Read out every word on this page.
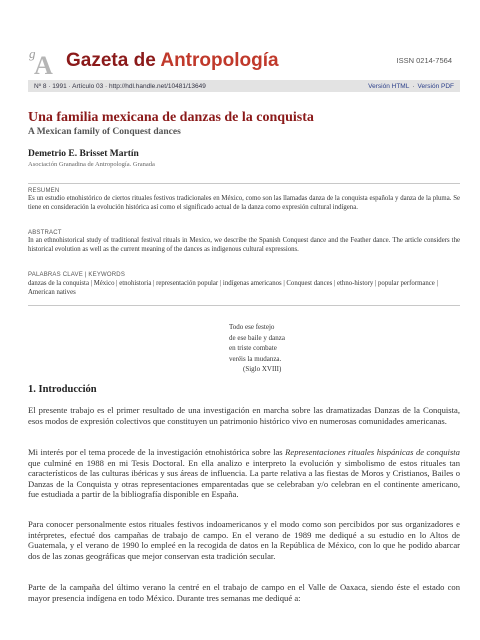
g
A Gazeta de Antropología	ISSN 0214-7564
Nº 8 · 1991 · Artículo 03 · http://hdl.handle.net/10481/13649	Versión HTML · Versión PDF
Una familia mexicana de danzas de la conquista
A Mexican family of Conquest dances
Demetrio E. Brisset Martín
Asociación Granadina de Antropología. Granada
RESUMEN
Es un estudio etnohistórico de ciertos rituales festivos tradicionales en México, como son las llamadas danza de la conquista española y danza de la pluma. Se tiene en consideración la evolución histórica así como el significado actual de la danza como expresión cultural indígena.
ABSTRACT
In an ethnohistorical study of traditional festival rituals in Mexico, we describe the Spanish Conquest dance and the Feather dance. The article considers the historical evolution as well as the current meaning of the dances as indigenous cultural expressions.
PALABRAS CLAVE | KEYWORDS
danzas de la conquista | México | etnohistoria | representación popular | indígenas americanos | Conquest dances | ethno-history | popular performance | American natives
Todo ese festejo
de ese baile y danza
en triste combate
veréis la mudanza.
(Siglo XVIII)
1. Introducción

El presente trabajo es el primer resultado de una investigación en marcha sobre las dramatizadas Danzas de la Conquista, esos modos de expresión colectivos que constituyen un patrimonio histórico vivo en numerosas comunidades americanas.

Mi interés por el tema procede de la investigación etnohistórica sobre las Representaciones rituales hispánicas de conquista que culminé en 1988 en mi Tesis Doctoral. En ella analizo e interpreto la evolución y simbolismo de estos rituales tan característicos de las culturas ibéricas y sus áreas de influencia. La parte relativa a las fiestas de Moros y Cristianos, Bailes o Danzas de la Conquista y otras representaciones emparentadas que se celebraban y/o celebran en el continente americano, fue estudiada a partir de la bibliografía disponible en España.

Para conocer personalmente estos rituales festivos indoamericanos y el modo como son percibidos por sus organizadores e intérpretes, efectué dos campañas de trabajo de campo. En el verano de 1989 me dediqué a su estudio en lo Altos de Guatemala, y el verano de 1990 lo empleé en la recogida de datos en la República de México, con lo que he podido abarcar dos de las zonas geográficas que mejor conservan esta tradición secular.

Parte de la campaña del último verano la centré en el trabajo de campo en el Valle de Oaxaca, siendo éste el estado con mayor presencia indígena en todo México. Durante tres semanas me dediqué a:
